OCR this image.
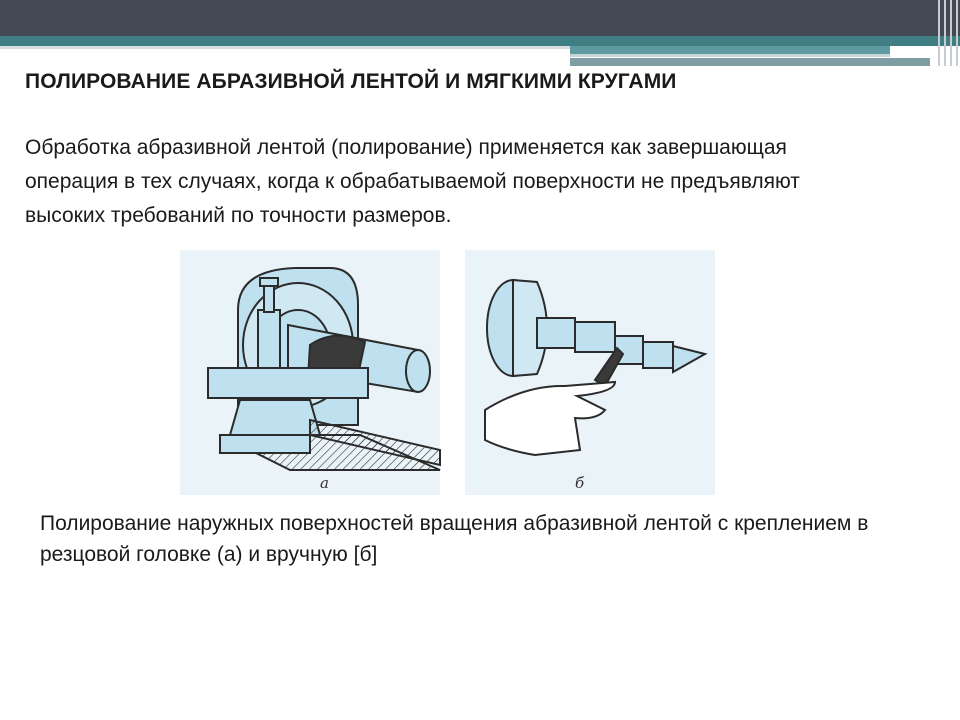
ПОЛИРОВАНИЕ АБРАЗИВНОЙ ЛЕНТОЙ И МЯГКИМИ КРУГАМИ

Обработка абразивной лентой (полирование) применяется как завершающая операция в тех случаях, когда к обрабатываемой поверхности не предъявляют высоких требований по точности размеров.

а	б

Полирование наружных поверхностей вращения абразивной лентой с креплением в резцовой головке (а) и вручную [б]
